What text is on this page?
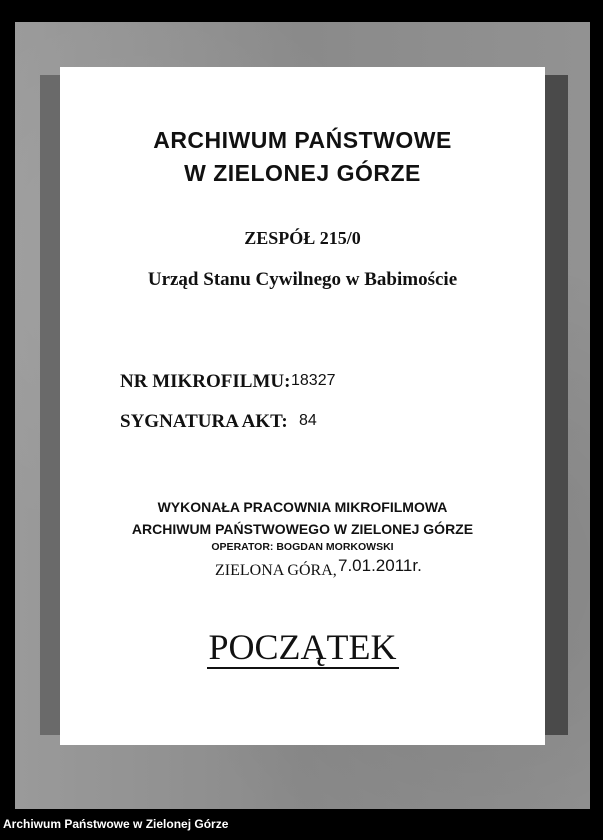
ARCHIWUM PAŃSTWOWE
W ZIELONEJ GÓRZE
ZESPÓŁ 215/0
Urząd Stanu Cywilnego w Babimoście
NR MIKROFILMU: 18327
SYGNATURA AKT: 84
WYKONAŁA PRACOWNIA MIKROFILMOWA
ARCHIWUM PAŃSTWOWEGO W ZIELONEJ GÓRZE
OPERATOR: BOGDAN MORKOWSKI
ZIELONA GÓRA, 7.01.2011r.
POCZĄTEK
Archiwum Państwowe w Zielonej Górze
